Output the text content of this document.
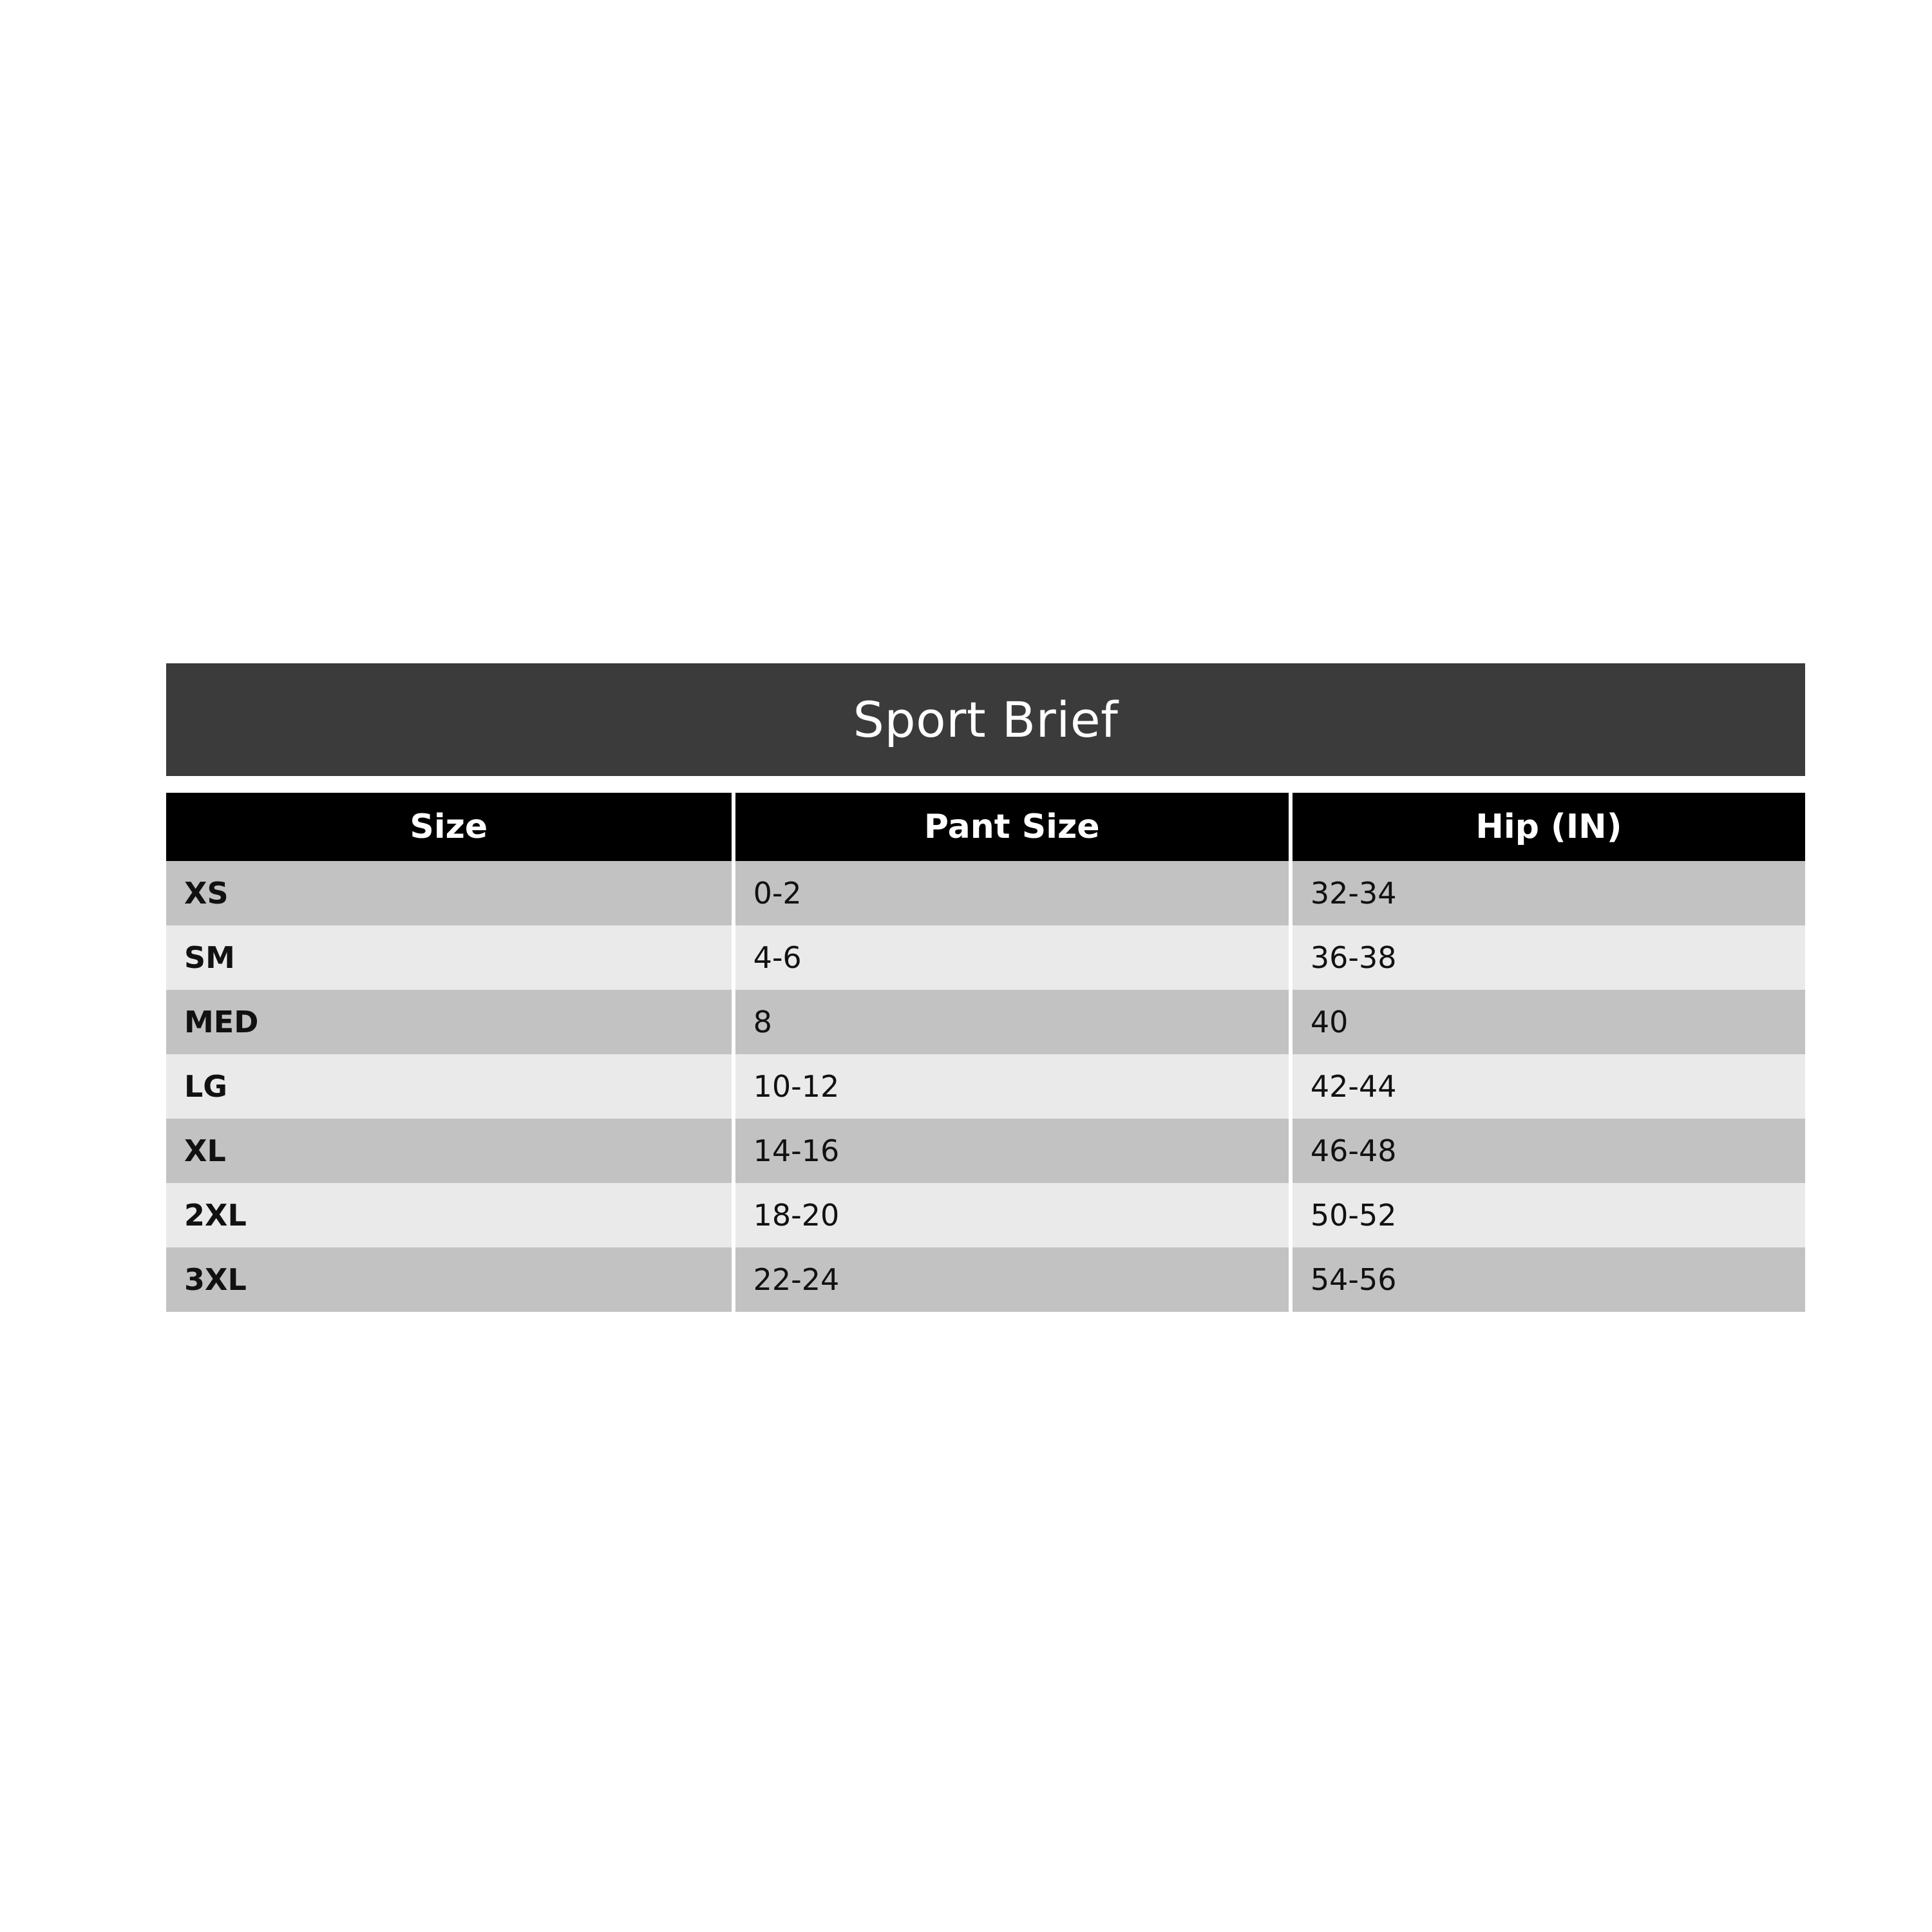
Sport Brief
Size	Pant Size	Hip (IN)
XS	0-2	32-34
SM	4-6	36-38
MED	8	40
LG	10-12	42-44
XL	14-16	46-48
2XL	18-20	50-52
3XL	22-24	54-56
